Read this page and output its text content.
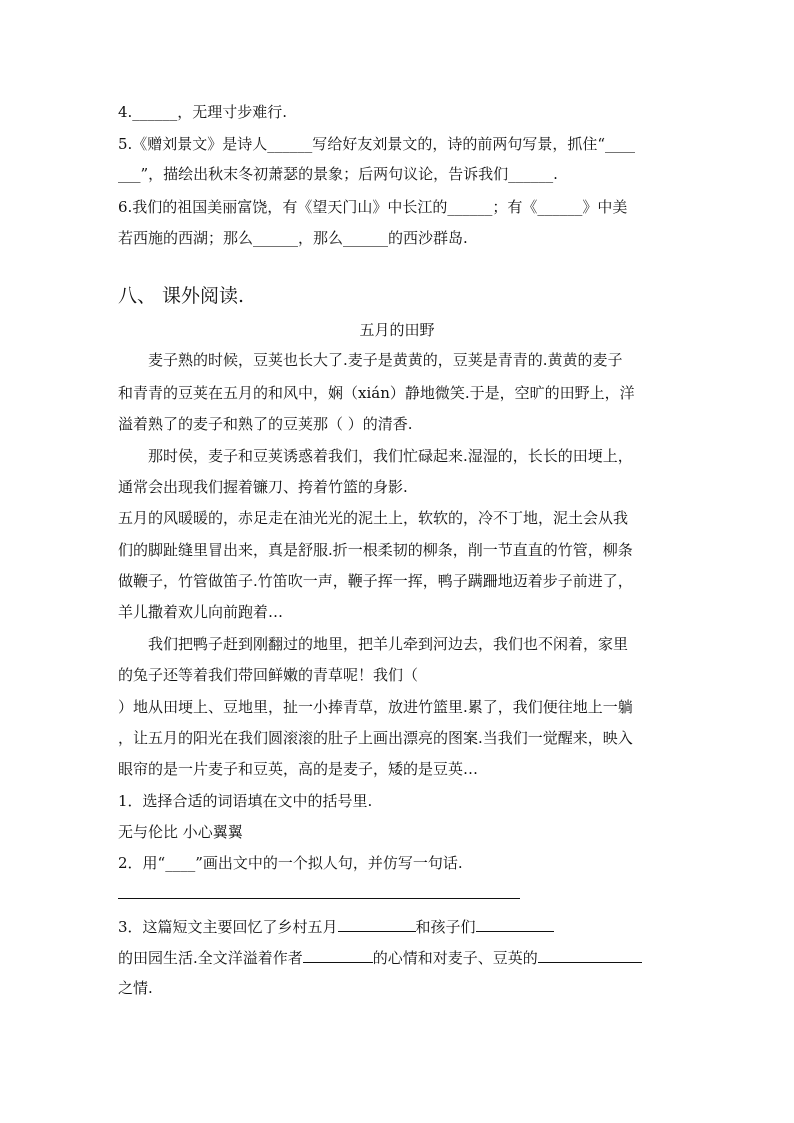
4.______，无理寸步难行.
5.《赠刘景文》是诗人______写给好友刘景文的，诗的前两句写景，抓住“____
___”，描绘出秋末冬初萧瑟的景象；后两句议论，告诉我们______.
6.我们的祖国美丽富饶，有《望天门山》中长江的______；有《______》中美
若西施的西湖；那么______，那么______的西沙群岛.
八、 课外阅读.
五月的田野
麦子熟的时候，豆荚也长大了.麦子是黄黄的，豆荚是青青的.黄黄的麦子
和青青的豆荚在五月的和风中，娴（xián）静地微笑.于是，空旷的田野上，洋
溢着熟了的麦子和熟了的豆荚那（ ）的清香.
那时侯，麦子和豆荚诱惑着我们，我们忙碌起来.湿湿的，长长的田埂上，
通常会出现我们握着镰刀、挎着竹篮的身影.
五月的风暖暖的，赤足走在油光光的泥土上，软软的，冷不丁地，泥土会从我
们的脚趾缝里冒出来，真是舒服.折一根柔韧的柳条，削一节直直的竹管，柳条
做鞭子，竹管做笛子.竹笛吹一声，鞭子挥一挥，鸭子蹒跚地迈着步子前进了，
羊儿撒着欢儿向前跑着…
我们把鸭子赶到刚翻过的地里，把羊儿牵到河边去，我们也不闲着，家里
的兔子还等着我们带回鲜嫩的青草呢！我们（
）地从田埂上、豆地里，扯一小捧青草，放进竹篮里.累了，我们便往地上一躺
，让五月的阳光在我们圆滚滚的肚子上画出漂亮的图案.当我们一觉醒来，映入
眼帘的是一片麦子和豆英，高的是麦子，矮的是豆英…
1．选择合适的词语填在文中的括号里.
无与伦比 小心翼翼
2．用“____”画出文中的一个拟人句，并仿写一句话.
3．这篇短文主要回忆了乡村五月	和孩子们
的田园生活.全文洋溢着作者	的心情和对麦子、豆英的
之情.
